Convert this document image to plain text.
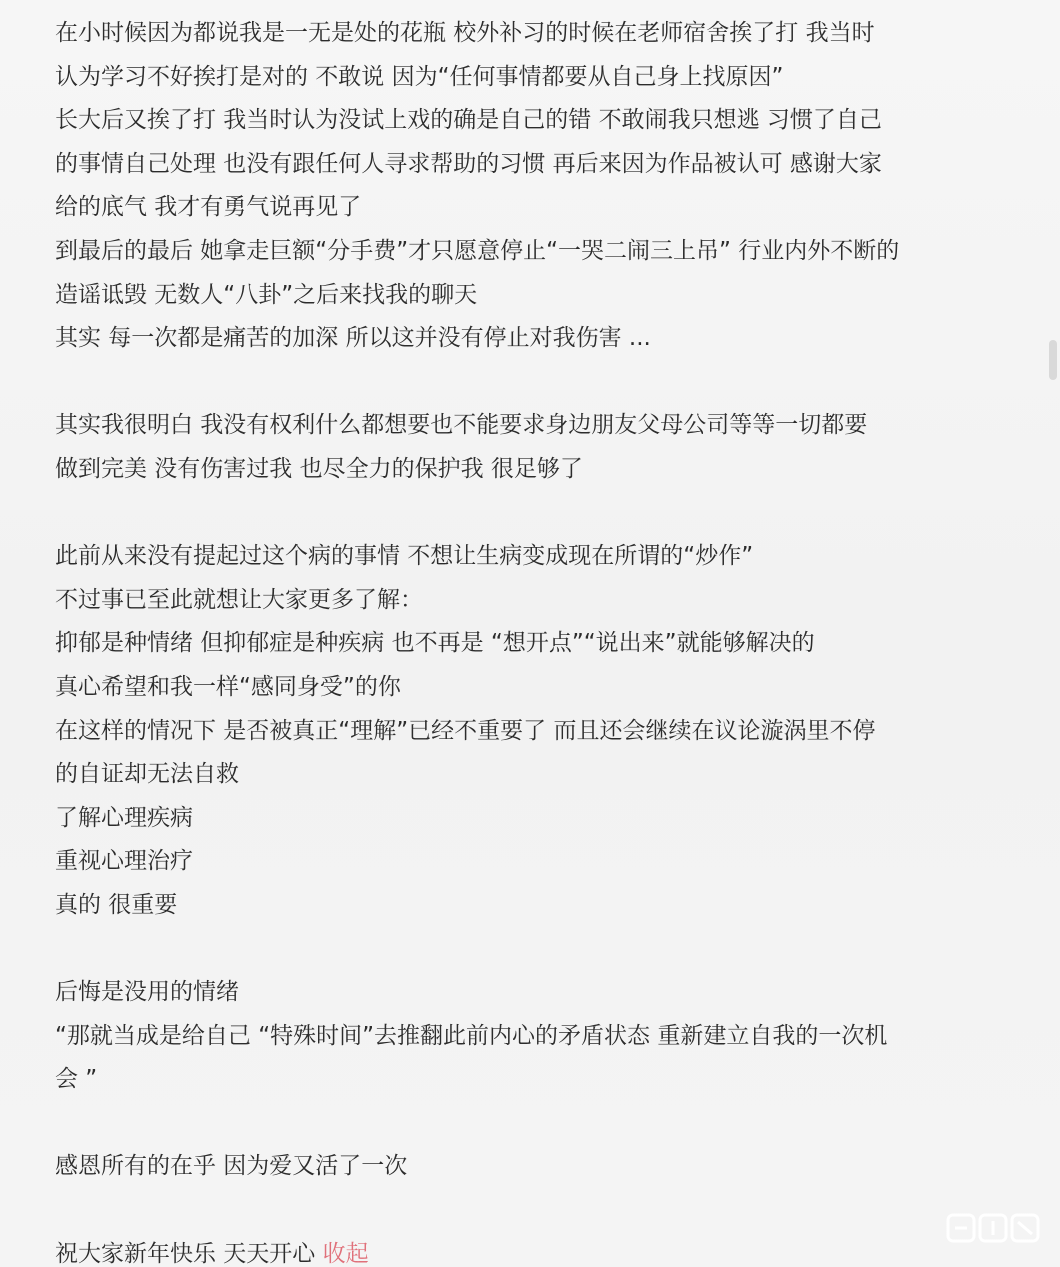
在小时候因为都说我是一无是处的花瓶 校外补习的时候在老师宿舍挨了打 我当时
认为学习不好挨打是对的 不敢说 因为“任何事情都要从自己身上找原因”
长大后又挨了打 我当时认为没试上戏的确是自己的错 不敢闹我只想逃 习惯了自己
的事情自己处理 也没有跟任何人寻求帮助的习惯 再后来因为作品被认可 感谢大家
给的底气 我才有勇气说再见了
到最后的最后 她拿走巨额“分手费”才只愿意停止“一哭二闹三上吊” 行业内外不断的
造谣诋毁 无数人“八卦”之后来找我的聊天
其实 每一次都是痛苦的加深 所以这并没有停止对我伤害 ...
其实我很明白 我没有权利什么都想要也不能要求身边朋友父母公司等等一切都要
做到完美 没有伤害过我 也尽全力的保护我 很足够了
此前从来没有提起过这个病的事情 不想让生病变成现在所谓的“炒作”
不过事已至此就想让大家更多了解：
抑郁是种情绪 但抑郁症是种疾病 也不再是 “想开点”“说出来”就能够解决的
真心希望和我一样“感同身受”的你
在这样的情况下 是否被真正“理解”已经不重要了 而且还会继续在议论漩涡里不停
的自证却无法自救
了解心理疾病
重视心理治疗
真的 很重要
后悔是没用的情绪
“那就当成是给自己 “特殊时间”去推翻此前内心的矛盾状态 重新建立自我的一次机
会 ”
感恩所有的在乎 因为爱又活了一次
祝大家新年快乐 天天开心 收起
